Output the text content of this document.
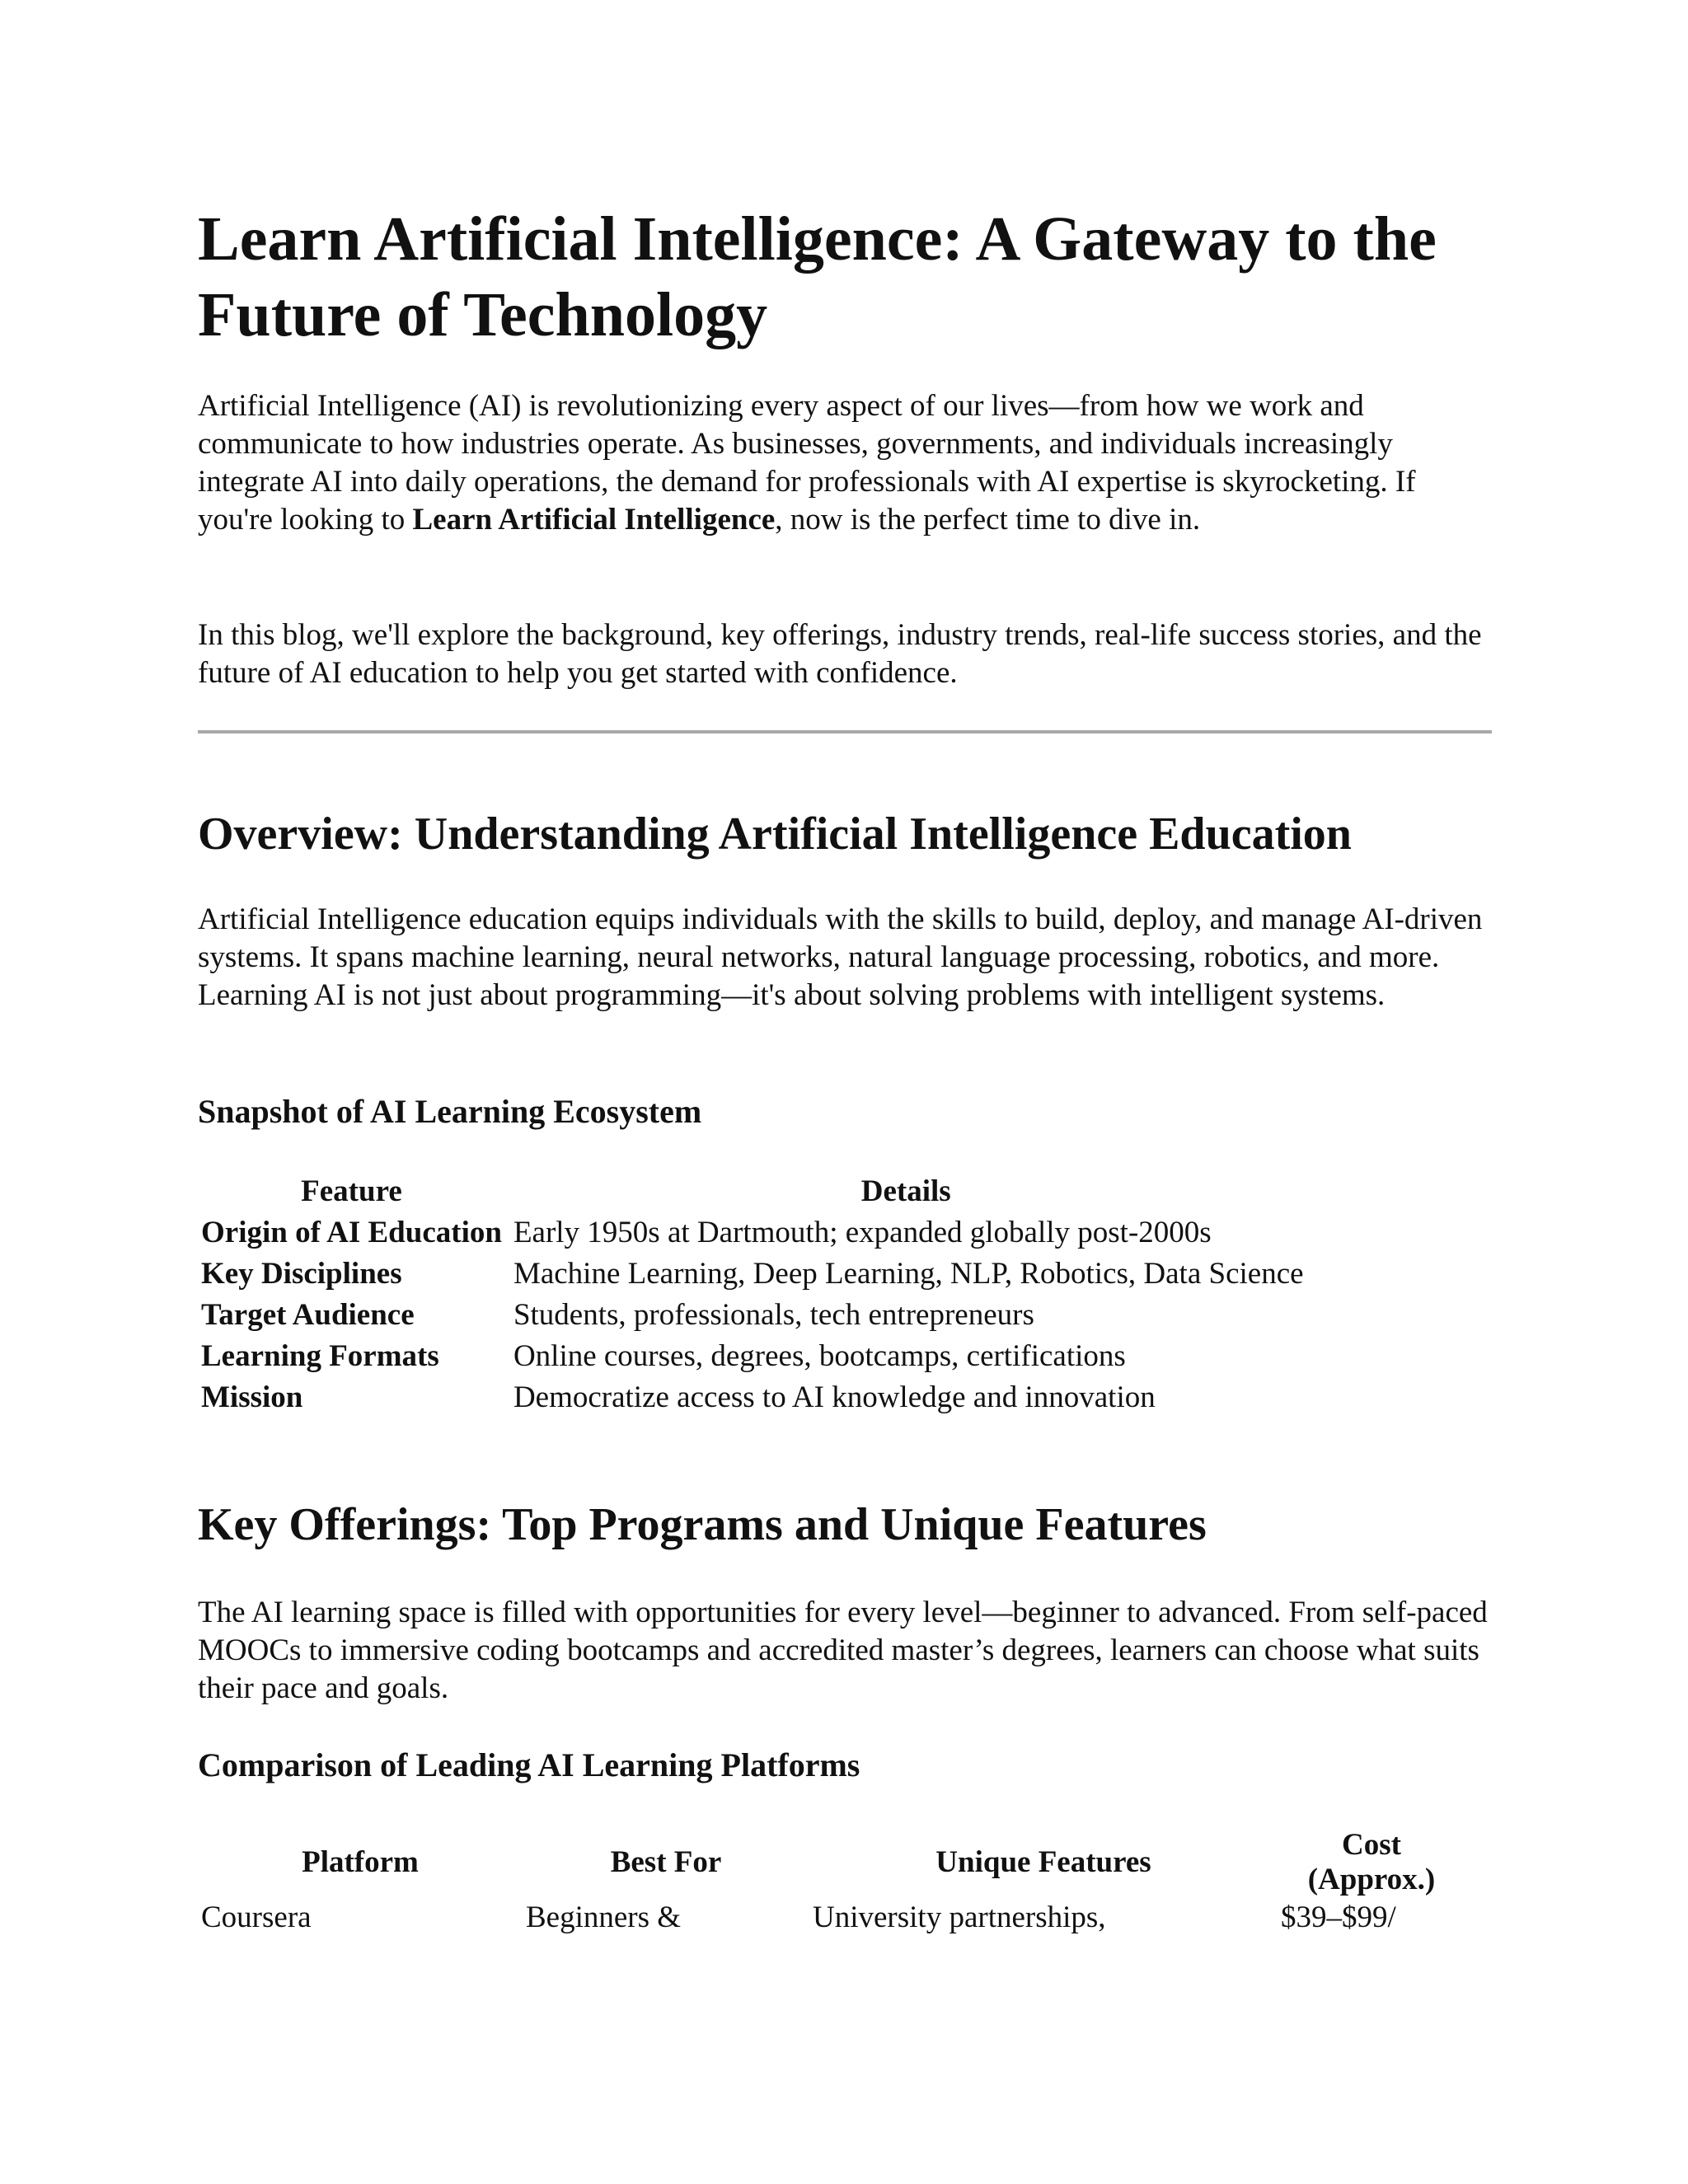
Learn Artificial Intelligence: A Gateway to the Future of Technology

Artificial Intelligence (AI) is revolutionizing every aspect of our lives—from how we work and communicate to how industries operate. As businesses, governments, and individuals increasingly integrate AI into daily operations, the demand for professionals with AI expertise is skyrocketing. If you're looking to Learn Artificial Intelligence, now is the perfect time to dive in.

In this blog, we'll explore the background, key offerings, industry trends, real-life success stories, and the future of AI education to help you get started with confidence.

Overview: Understanding Artificial Intelligence Education

Artificial Intelligence education equips individuals with the skills to build, deploy, and manage AI-driven systems. It spans machine learning, neural networks, natural language processing, robotics, and more. Learning AI is not just about programming—it's about solving problems with intelligent systems.

Snapshot of AI Learning Ecosystem
Feature	Details
Origin of AI Education	Early 1950s at Dartmouth; expanded globally post-2000s
Key Disciplines	Machine Learning, Deep Learning, NLP, Robotics, Data Science
Target Audience	Students, professionals, tech entrepreneurs
Learning Formats	Online courses, degrees, bootcamps, certifications
Mission	Democratize access to AI knowledge and innovation
Key Offerings: Top Programs and Unique Features

The AI learning space is filled with opportunities for every level—beginner to advanced. From self-paced MOOCs to immersive coding bootcamps and accredited master’s degrees, learners can choose what suits their pace and goals.

Comparison of Leading AI Learning Platforms
Platform	Best For	Unique Features	Cost (Approx.)
Coursera	Beginners &	University partnerships,	$39–$99/
